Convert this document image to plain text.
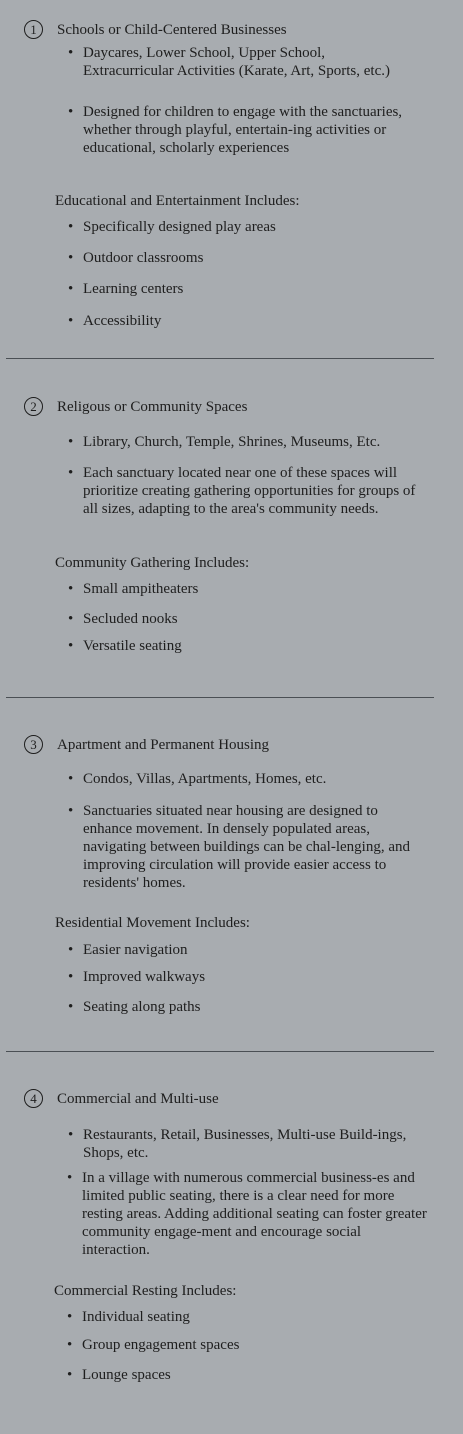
1	Schools or Child-Centered Businesses
• Daycares, Lower School, Upper School, Extracurricular Activities (Karate, Art, Sports, etc.)
• Designed for children to engage with the sanctuaries, whether through playful, entertain-ing activities or educational, scholarly experiences
Educational and Entertainment Includes:
• Specifically designed play areas
• Outdoor classrooms
• Learning centers
• Accessibility
2	Religous or Community Spaces
• Library, Church, Temple, Shrines, Museums, Etc.
• Each sanctuary located near one of these spaces will prioritize creating gathering opportunities for groups of all sizes, adapting to the area's community needs.
Community Gathering Includes:
• Small ampitheaters
• Secluded nooks
• Versatile seating
3	Apartment and Permanent Housing
• Condos, Villas, Apartments, Homes, etc.
• Sanctuaries situated near housing are designed to enhance movement. In densely populated areas, navigating between buildings can be chal-lenging, and improving circulation will provide easier access to residents' homes.
Residential Movement Includes:
• Easier navigation
• Improved walkways
• Seating along paths
4	Commercial and Multi-use
• Restaurants, Retail, Businesses, Multi-use Build-ings, Shops, etc.
• In a village with numerous commercial business-es and limited public seating, there is a clear need for more resting areas. Adding additional seating can foster greater community engage-ment and encourage social interaction.
Commercial Resting Includes:
• Individual seating
• Group engagement spaces
• Lounge spaces
